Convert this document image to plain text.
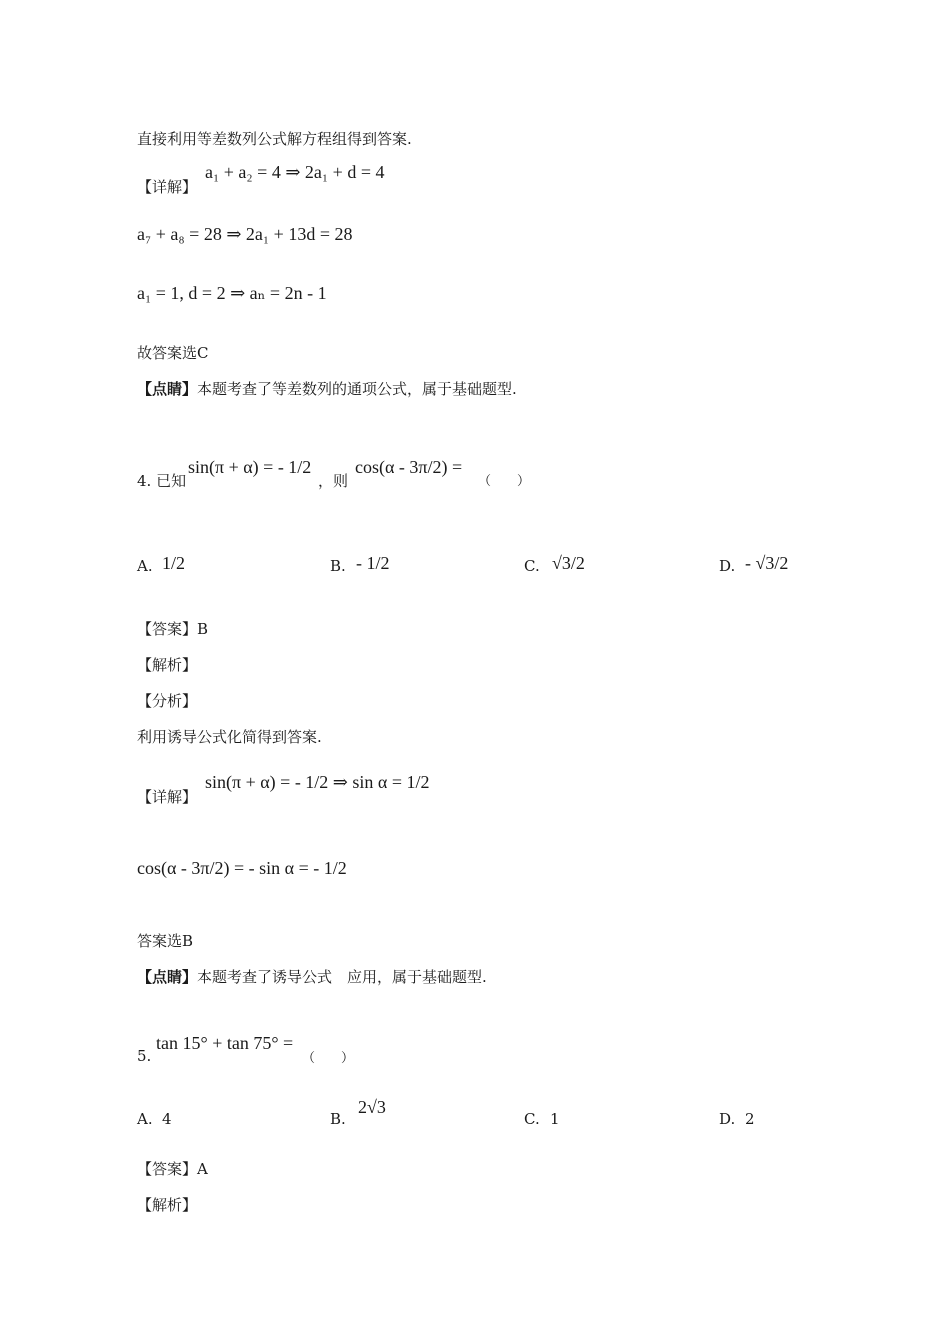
直接利用等差数列公式解方程组得到答案.
【详解】
a₁ + a₂ = 4 ⇒ 2a₁ + d = 4
a₇ + a₈ = 28 ⇒ 2a₁ + 13d = 28
a₁ = 1, d = 2 ⇒ aₙ = 2n - 1
故答案选C
【点睛】本题考查了等差数列的通项公式，属于基础题型.
4. 已知
sin(π + α) = - 1/2
，则
cos(α - 3π/2) =
（　　）
A. 1/2	B. - 1/2	C. √3/2	D. - √3/2
【答案】B
【解析】
【分析】
利用诱导公式化简得到答案.
【详解】
sin(π + α) = - 1/2 ⇒ sin α = 1/2
cos(α - 3π/2) = - sin α = - 1/2
答案选B
【点睛】本题考查了诱导公式　应用，属于基础题型.
5.
tan 15° + tan 75° =
（　　）
A. 4	B.
2√3
C. 1	D. 2
【答案】A
【解析】
